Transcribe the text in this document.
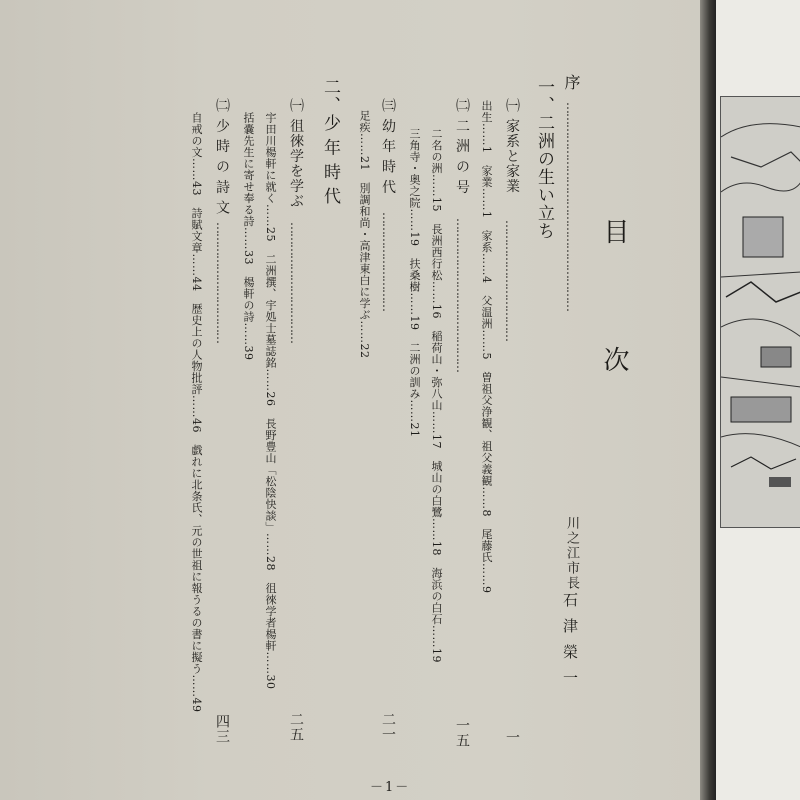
目　次
序
…………………………………………………
川之江市長
石津榮一
一、二洲の生い立ち
㈠ 家系と家業
……………………………
一
出生……1　家業……1　家系……4　父温洲……5　曽祖父浄観、祖父義観……8　尾藤氏……9
㈡ 二 洲 の 号
……………………………………
一五
二名の洲……15　長洲西行松……16　稲荷山・弥八山……17　城山の白鷺……18　海浜の白石……19
三角寺・奥之院……19　扶桑樹……19　二洲の訓み……21
㈢ 幼 年 時 代
………………………
二一
足疾……21　別調和尚・高津東白に学ぶ……22
二、少 年 時 代
㈠ 徂徠学を学ぶ
……………………………
二五
宇田川楊軒に就く……25　二洲撰、宇処士墓誌銘……26　長野豊山「松陰快談」……28　徂徠学者楊軒……30
括嚢先生に寄せ奉る詩……33　楊軒の詩……39
㈡ 少 時 の 詩 文
……………………………
四三
自戒の文……43　詩賦文章……44　歴史上の人物批評……46　戯れに北条氏、元の世祖に報うるの書に擬う……49
－1－
